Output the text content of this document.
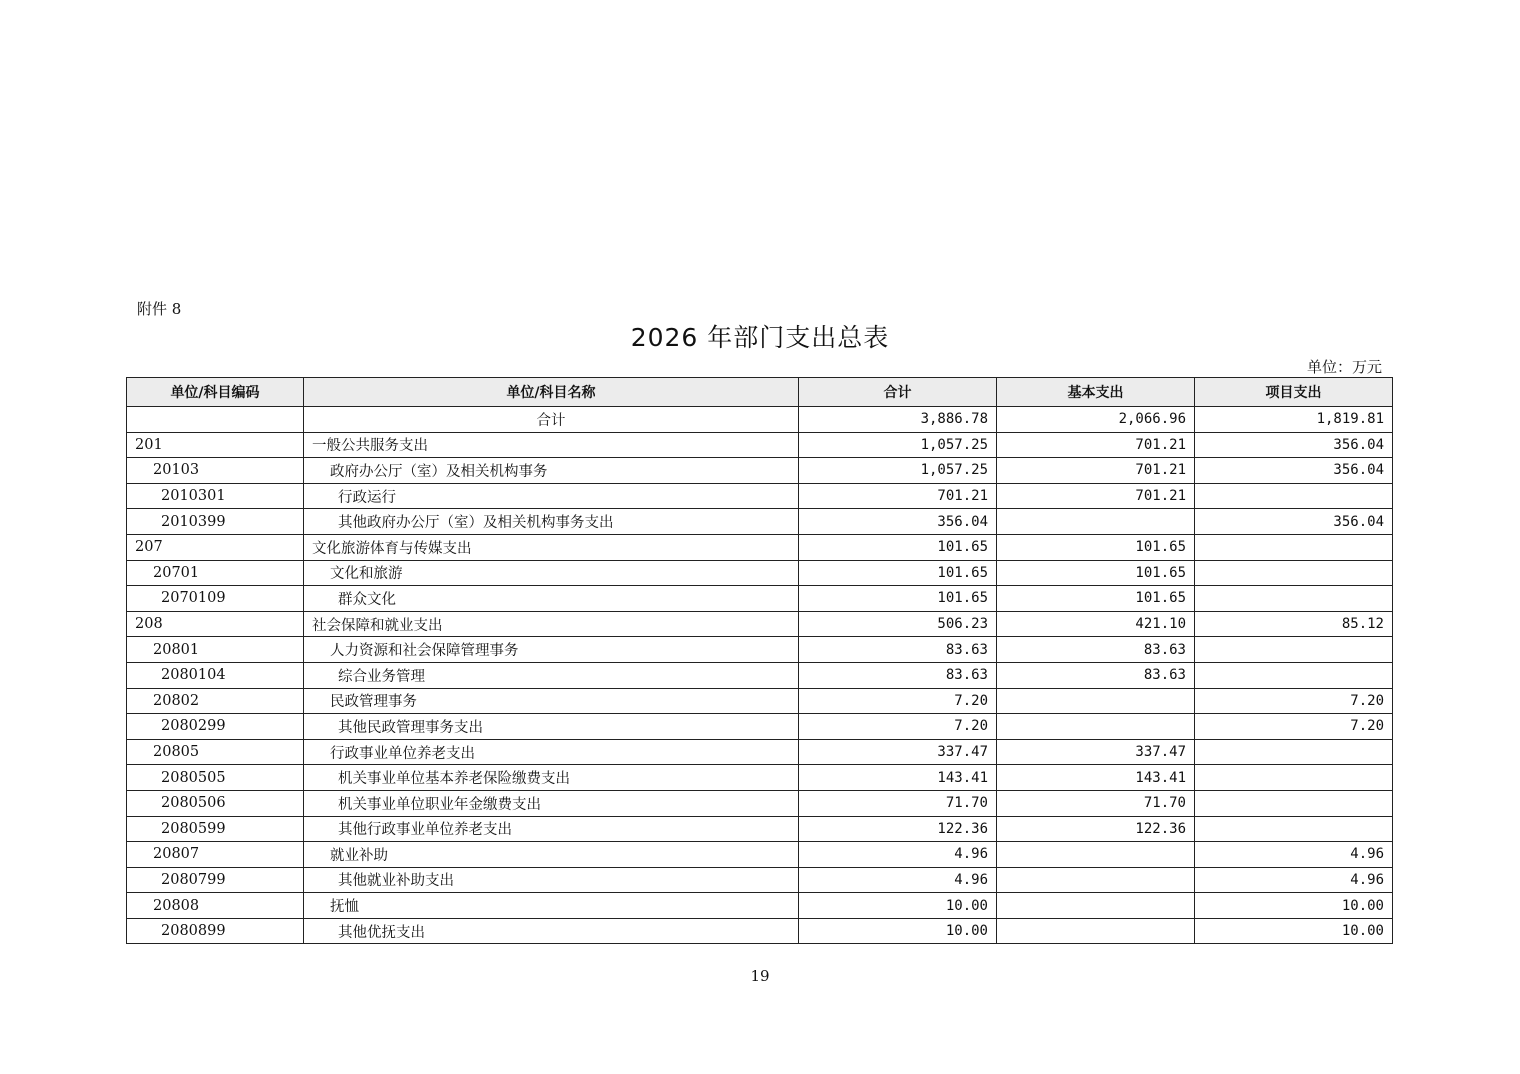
附件 8
2026 年部门支出总表
单位：万元
单位/科目编码	单位/科目名称	合计	基本支出	项目支出
	合计	3,886.78	2,066.96	1,819.81
201	一般公共服务支出	1,057.25	701.21	356.04
20103	政府办公厅（室）及相关机构事务	1,057.25	701.21	356.04
2010301	行政运行	701.21	701.21	
2010399	其他政府办公厅（室）及相关机构事务支出	356.04		356.04
207	文化旅游体育与传媒支出	101.65	101.65	
20701	文化和旅游	101.65	101.65	
2070109	群众文化	101.65	101.65	
208	社会保障和就业支出	506.23	421.10	85.12
20801	人力资源和社会保障管理事务	83.63	83.63	
2080104	综合业务管理	83.63	83.63	
20802	民政管理事务	7.20		7.20
2080299	其他民政管理事务支出	7.20		7.20
20805	行政事业单位养老支出	337.47	337.47	
2080505	机关事业单位基本养老保险缴费支出	143.41	143.41	
2080506	机关事业单位职业年金缴费支出	71.70	71.70	
2080599	其他行政事业单位养老支出	122.36	122.36	
20807	就业补助	4.96		4.96
2080799	其他就业补助支出	4.96		4.96
20808	抚恤	10.00		10.00
2080899	其他优抚支出	10.00		10.00
19
